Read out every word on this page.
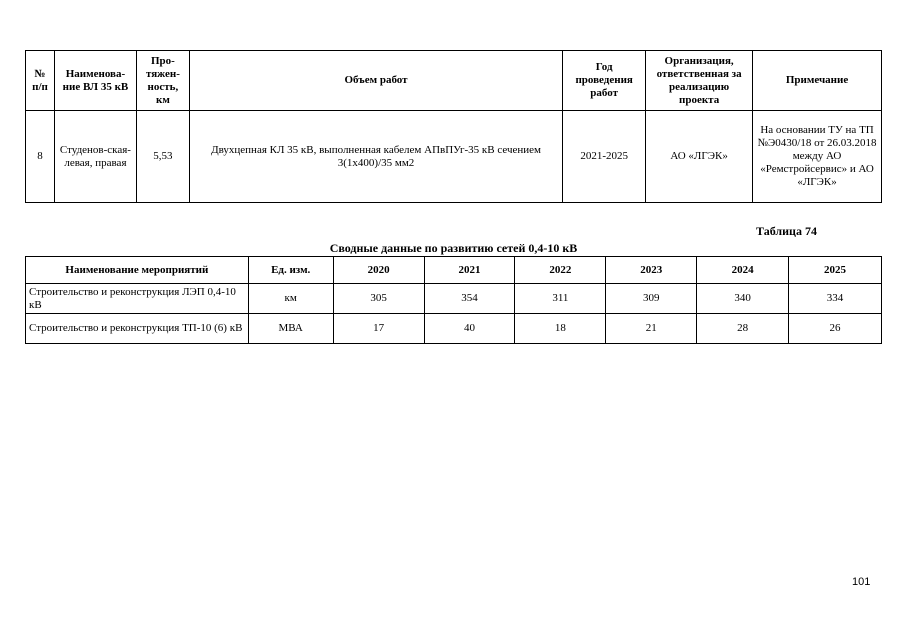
№ п/п	Наименова-ние ВЛ 35 кВ	Про-тяжен-ность, км	Объем работ	Год проведения работ	Организация, ответственная за реализацию проекта	Примечание
8	Студенов-ская-левая, правая	5,53	Двухцепная КЛ 35 кВ, выполненная кабелем АПвПУг-35 кВ сечением 3(1х400)/35 мм2	2021-2025	АО «ЛГЭК»	На основании ТУ на ТП №Э0430/18 от 26.03.2018 между АО «Ремстройсервис» и АО «ЛГЭК»
Таблица 74
Сводные данные по развитию сетей 0,4-10 кВ
Наименование мероприятий	Ед. изм.	2020	2021	2022	2023	2024	2025
Строительство и реконструкция ЛЭП 0,4-10 кВ	км	305	354	311	309	340	334
Строительство и реконструкция ТП-10 (6) кВ	МВА	17	40	18	21	28	26
101
